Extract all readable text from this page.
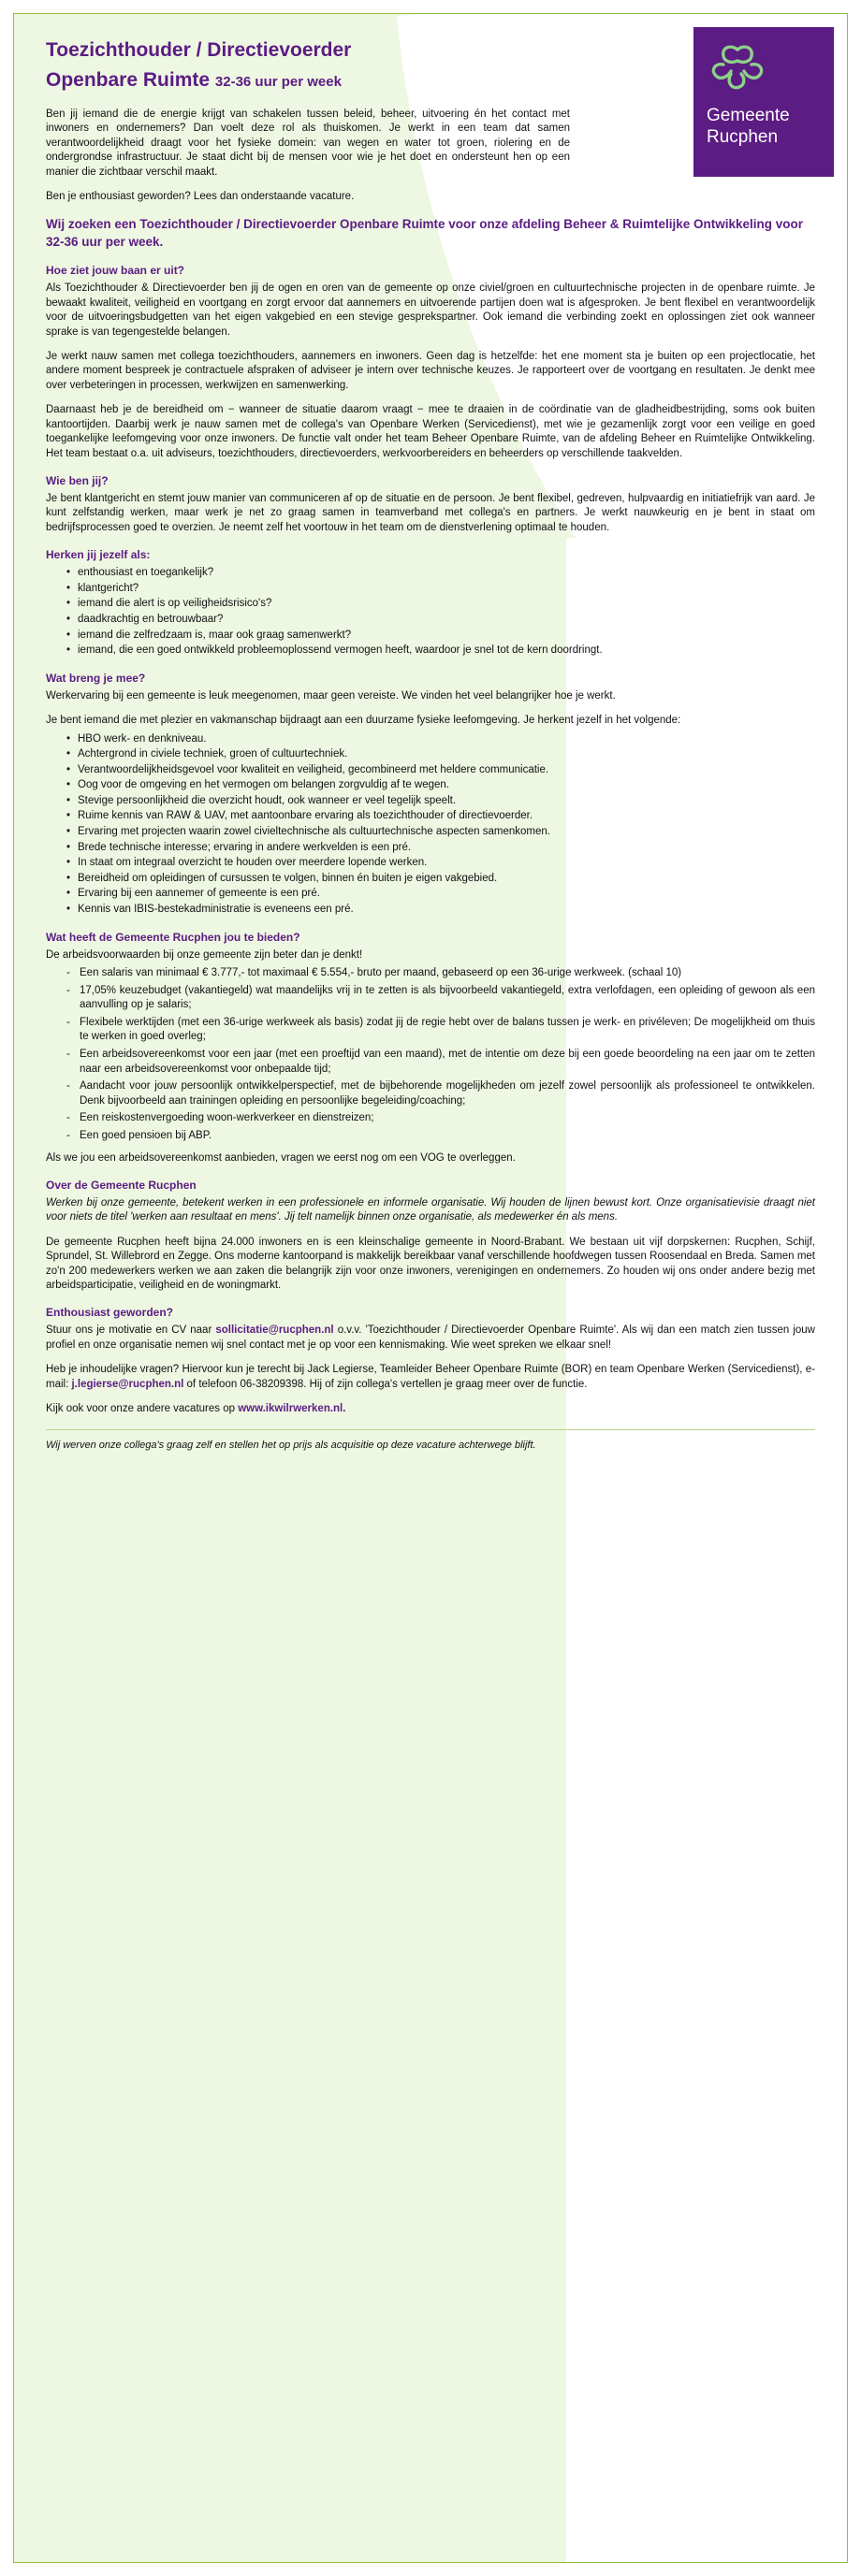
Gemeente
Rucphen
Toezichthouder / Directievoerder
Openbare Ruimte 32-36 uur per week

Ben jij iemand die de energie krijgt van schakelen tussen beleid, beheer, uitvoering én het contact met inwoners en ondernemers? Dan voelt deze rol als thuiskomen. Je werkt in een team dat samen verantwoordelijkheid draagt voor het fysieke domein: van wegen en water tot groen, riolering en de ondergrondse infrastructuur. Je staat dicht bij de mensen voor wie je het doet en ondersteunt hen op een manier die zichtbaar verschil maakt.

Ben je enthousiast geworden? Lees dan onderstaande vacature.

Wij zoeken een Toezichthouder / Directievoerder Openbare Ruimte voor onze afdeling Beheer & Ruimtelijke Ontwikkeling voor 32-36 uur per week.

Hoe ziet jouw baan er uit?

Als Toezichthouder & Directievoerder ben jij de ogen en oren van de gemeente op onze civiel/groen en cultuurtechnische projecten in de openbare ruimte. Je bewaakt kwaliteit, veiligheid en voortgang en zorgt ervoor dat aannemers en uitvoerende partijen doen wat is afgesproken. Je bent flexibel en verantwoordelijk voor de uitvoeringsbudgetten van het eigen vakgebied en een stevige gesprekspartner. Ook iemand die verbinding zoekt en oplossingen ziet ook wanneer sprake is van tegengestelde belangen.

Je werkt nauw samen met collega toezichthouders, aannemers en inwoners. Geen dag is hetzelfde: het ene moment sta je buiten op een projectlocatie, het andere moment bespreek je contractuele afspraken of adviseer je intern over technische keuzes. Je rapporteert over de voortgang en resultaten. Je denkt mee over verbeteringen in processen, werkwijzen en samenwerking.

Daarnaast heb je de bereidheid om − wanneer de situatie daarom vraagt − mee te draaien in de coördinatie van de gladheidbestrijding, soms ook buiten kantoortijden. Daarbij werk je nauw samen met de collega's van Openbare Werken (Servicedienst), met wie je gezamenlijk zorgt voor een veilige en goed toegankelijke leefomgeving voor onze inwoners. De functie valt onder het team Beheer Openbare Ruimte, van de afdeling Beheer en Ruimtelijke Ontwikkeling. Het team bestaat o.a. uit adviseurs, toezichthouders, directievoerders, werkvoorbereiders en beheerders op verschillende taakvelden.

Wie ben jij?

Je bent klantgericht en stemt jouw manier van communiceren af op de situatie en de persoon. Je bent flexibel, gedreven, hulpvaardig en initiatiefrijk van aard. Je kunt zelfstandig werken, maar werk je net zo graag samen in teamverband met collega's en partners. Je werkt nauwkeurig en je bent in staat om bedrijfsprocessen goed te overzien. Je neemt zelf het voortouw in het team om de dienstverlening optimaal te houden.

Herken jij jezelf als:
• enthousiast en toegankelijk?
• klantgericht?
• iemand die alert is op veiligheidsrisico's?
• daadkrachtig en betrouwbaar?
• iemand die zelfredzaam is, maar ook graag samenwerkt?
• iemand, die een goed ontwikkeld probleemoplossend vermogen heeft, waardoor je snel tot de kern doordringt.
Wat breng je mee?

Werkervaring bij een gemeente is leuk meegenomen, maar geen vereiste. We vinden het veel belangrijker hoe je werkt.

Je bent iemand die met plezier en vakmanschap bijdraagt aan een duurzame fysieke leefomgeving. Je herkent jezelf in het volgende:

• HBO werk- en denkniveau.
• Achtergrond in civiele techniek, groen of cultuurtechniek.
• Verantwoordelijkheidsgevoel voor kwaliteit en veiligheid, gecombineerd met heldere communicatie.
• Oog voor de omgeving en het vermogen om belangen zorgvuldig af te wegen.
• Stevige persoonlijkheid die overzicht houdt, ook wanneer er veel tegelijk speelt.
• Ruime kennis van RAW & UAV, met aantoonbare ervaring als toezichthouder of directievoerder.
• Ervaring met projecten waarin zowel civieltechnische als cultuurtechnische aspecten samenkomen.
• Brede technische interesse; ervaring in andere werkvelden is een pré.
• In staat om integraal overzicht te houden over meerdere lopende werken.
• Bereidheid om opleidingen of cursussen te volgen, binnen én buiten je eigen vakgebied.
• Ervaring bij een aannemer of gemeente is een pré.
• Kennis van IBIS-bestekadministratie is eveneens een pré.
Wat heeft de Gemeente Rucphen jou te bieden?

De arbeidsvoorwaarden bij onze gemeente zijn beter dan je denkt!

- Een salaris van minimaal € 3.777,- tot maximaal € 5.554,- bruto per maand, gebaseerd op een 36-urige werkweek. (schaal 10)
- 17,05% keuzebudget (vakantiegeld) wat maandelijks vrij in te zetten is als bijvoorbeeld vakantiegeld, extra verlofdagen, een opleiding of gewoon als een aanvulling op je salaris;
- Flexibele werktijden (met een 36-urige werkweek als basis) zodat jij de regie hebt over de balans tussen je werk- en privéleven; De mogelijkheid om thuis te werken in goed overleg;
- Een arbeidsovereenkomst voor een jaar (met een proeftijd van een maand), met de intentie om deze bij een goede beoordeling na een jaar om te zetten naar een arbeidsovereenkomst voor onbepaalde tijd;
- Aandacht voor jouw persoonlijk ontwikkelperspectief, met de bijbehorende mogelijkheden om jezelf zowel persoonlijk als professioneel te ontwikkelen. Denk bijvoorbeeld aan trainingen opleiding en persoonlijke begeleiding/coaching;
- Een reiskostenvergoeding woon-werkverkeer en dienstreizen;
- Een goed pensioen bij ABP.

Als we jou een arbeidsovereenkomst aanbieden, vragen we eerst nog om een VOG te overleggen.

Over de Gemeente Rucphen

Werken bij onze gemeente, betekent werken in een professionele en informele organisatie. Wij houden de lijnen bewust kort. Onze organisatievisie draagt niet voor niets de titel 'werken aan resultaat en mens'. Jij telt namelijk binnen onze organisatie, als medewerker én als mens.

De gemeente Rucphen heeft bijna 24.000 inwoners en is een kleinschalige gemeente in Noord-Brabant. We bestaan uit vijf dorpskernen: Rucphen, Schijf, Sprundel, St. Willebrord en Zegge. Ons moderne kantoorpand is makkelijk bereikbaar vanaf verschillende hoofdwegen tussen Roosendaal en Breda. Samen met zo'n 200 medewerkers werken we aan zaken die belangrijk zijn voor onze inwoners, verenigingen en ondernemers. Zo houden wij ons onder andere bezig met arbeidsparticipatie, veiligheid en de woningmarkt.

Enthousiast geworden?

Stuur ons je motivatie en CV naar sollicitatie@rucphen.nl o.v.v. 'Toezichthouder / Directievoerder Openbare Ruimte'. Als wij dan een match zien tussen jouw profiel en onze organisatie nemen wij snel contact met je op voor een kennismaking. Wie weet spreken we elkaar snel!

Heb je inhoudelijke vragen? Hiervoor kun je terecht bij Jack Legierse, Teamleider Beheer Openbare Ruimte (BOR) en team Openbare Werken (Servicedienst), e-mail: j.legierse@rucphen.nl of telefoon 06-38209398. Hij of zijn collega's vertellen je graag meer over de functie.

Kijk ook voor onze andere vacatures op www.ikwilrwerken.nl.

Wij werven onze collega's graag zelf en stellen het op prijs als acquisitie op deze vacature achterwege blijft.
